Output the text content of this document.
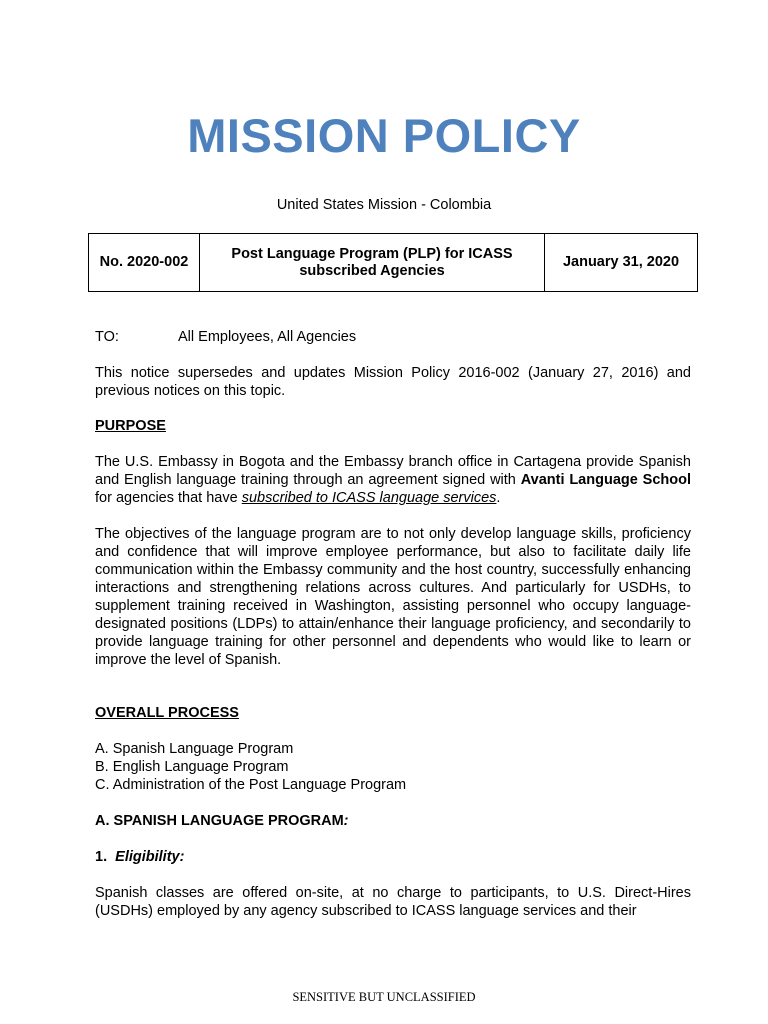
MISSION POLICY
United States Mission - Colombia
No. 2020-002	Post Language Program (PLP) for ICASS subscribed Agencies	January 31, 2020
TO:	All Employees, All Agencies

This notice supersedes and updates Mission Policy 2016-002 (January 27, 2016) and previous notices on this topic.

PURPOSE

The U.S. Embassy in Bogota and the Embassy branch office in Cartagena provide Spanish and English language training through an agreement signed with Avanti Language School for agencies that have subscribed to ICASS language services.

The objectives of the language program are to not only develop language skills, proficiency and confidence that will improve employee performance, but also to facilitate daily life communication within the Embassy community and the host country, successfully enhancing interactions and strengthening relations across cultures. And particularly for USDHs, to supplement training received in Washington, assisting personnel who occupy language-designated positions (LDPs) to attain/enhance their language proficiency, and secondarily to provide language training for other personnel and dependents who would like to learn or improve the level of Spanish.

OVERALL PROCESS
A. Spanish Language Program
B. English Language Program
C. Administration of the Post Language Program
A. SPANISH LANGUAGE PROGRAM:
1. Eligibility:

Spanish classes are offered on-site, at no charge to participants, to U.S. Direct-Hires (USDHs) employed by any agency subscribed to ICASS language services and their

SENSITIVE BUT UNCLASSIFIED
